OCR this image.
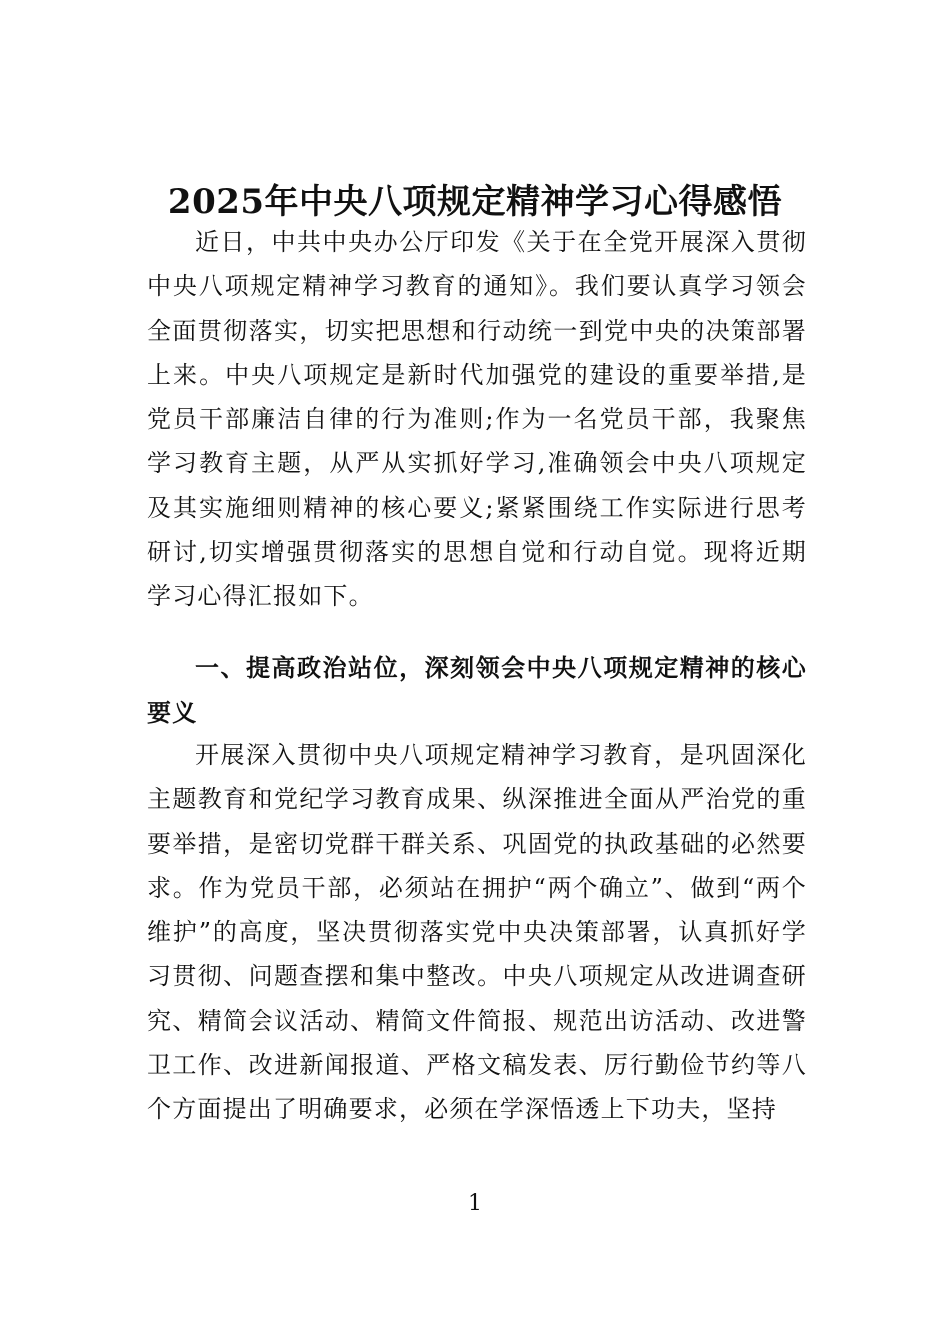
2025年中央八项规定精神学习心得感悟

近日，中共中央办公厅印发《关于在全党开展深入贯彻中央八项规定精神学习教育的通知》。我们要认真学习领会全面贯彻落实，切实把思想和行动统一到党中央的决策部署上来。中央八项规定是新时代加强党的建设的重要举措,是党员干部廉洁自律的行为准则;作为一名党员干部，我聚焦学习教育主题，从严从实抓好学习,准确领会中央八项规定及其实施细则精神的核心要义;紧紧围绕工作实际进行思考研讨,切实增强贯彻落实的思想自觉和行动自觉。现将近期学习心得汇报如下。

一、提高政治站位，深刻领会中央八项规定精神的核心要义

开展深入贯彻中央八项规定精神学习教育，是巩固深化主题教育和党纪学习教育成果、纵深推进全面从严治党的重要举措，是密切党群干群关系、巩固党的执政基础的必然要求。作为党员干部，必须站在拥护“两个确立”、做到“两个维护”的高度，坚决贯彻落实党中央决策部署，认真抓好学习贯彻、问题查摆和集中整改。中央八项规定从改进调查研究、精简会议活动、精简文件简报、规范出访活动、改进警卫工作、改进新闻报道、严格文稿发表、厉行勤俭节约等八个方面提出了明确要求，必须在学深悟透上下功夫，坚持

1
